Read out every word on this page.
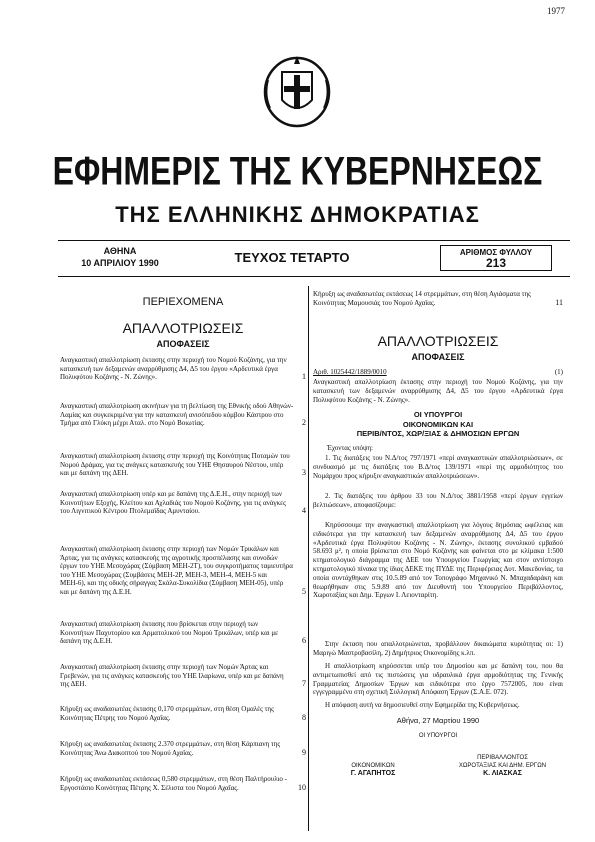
1977
ΕΦΗΜΕΡΙΣ ΤΗΣ ΚΥΒΕΡΝΗΣΕΩΣ
ΤΗΣ ΕΛΛΗΝΙΚΗΣ ΔΗΜΟΚΡΑΤΙΑΣ
ΑΘΗΝΑ
10 ΑΠΡΙΛΙΟΥ 1990	ΤΕΥΧΟΣ ΤΕΤΑΡΤΟ	ΑΡΙΘΜΟΣ ΦΥΛΛΟΥ
213
ΠΕΡΙΕΧΟΜΕΝΑ
ΑΠΑΛΛΟΤΡΙΩΣΕΙΣ
ΑΠΟΦΑΣΕΙΣ
Αναγκαστική απαλλοτρίωση έκτασης στην περιοχή του Νομού Κοζάνης, για την κατασκευή των δεξαμενών αναρρύθμισης Δ4, Δ5 του έργου «Αρδευτικά έργα Πολυφύτου Κοζάνης - Ν. Ζώνης».	1
Αναγκαστική απαλλοτρίωση ακινήτων για τη βελτίωση της Εθνικής οδού Αθηνών-Λαμίας και συγκεκριμένα για την κατασκευή ανισόπεδου κόμβου Κάστρου στο Τμήμα από Γλύκη μέχρι Αταλ. στο Νομό Βοιωτίας.	2
Αναγκαστική απαλλοτρίωση έκτασης στην περιοχή της Κοινότητας Ποταμών του Νομού Δράμας, για τις ανάγκες κατασκευής του ΥΗΕ Θησαυρού Νέστου, υπέρ και με δαπάνη της ΔΕΗ.	3
Αναγκαστική απαλλοτρίωση υπέρ και με δαπάνη της Δ.Ε.Η., στην περιοχή των Κοινοτήτων Εξοχής, Κλείτου και Αχλαδιάς του Νομού Κοζάνης, για τις ανάγκες του Λιγνιτικού Κέντρου Πτολεμαΐδας Αμυνταίου.	4
Αναγκαστική απαλλοτρίωση έκτασης στην περιοχή των Νομών Τρικάλων και Άρτας, για τις ανάγκες κατασκευής της αγροτικής προσπέλασης και συνοδών έργων του ΥΗΕ Μεσοχώρας (Σύμβαση ΜΕΗ-2Τ), του συγκροτήματος ταμιευτήρα του ΥΗΕ Μεσοχώρας (Συμβάσεις ΜΕΗ-2Ρ, ΜΕΗ-3, ΜΕΗ-4, ΜΕΗ-5 και ΜΕΗ-6), και της οδικής σήραγγας Σκάλα-Συκολίδια (Σύμβαση ΜΕΗ-05), υπέρ και με δαπάνη της Δ.Ε.Η.	5
Αναγκαστική απαλλοτρίωση έκτασης που βρίσκεται στην περιοχή των Κοινοτήτων Παχυτορίου και Αρματολικού του Νομού Τρικάλων, υπέρ και με δαπάνη της Δ.Ε.Η.	6
Αναγκαστική απαλλοτρίωση έκτασης στην περιοχή των Νομών Άρτας και Γρεβενών, για τις ανάγκες κατασκευής του ΥΗΕ Ιλαρίωνα, υπέρ και με δαπάνη της ΔΕΗ.	7
Κήρυξη ως αναδασωτέας έκτασης 0,170 στρεμμάτων, στη θέση Ομαλές της Κοινότητας Πέτρης του Νομού Αχαΐας.	8
Κήρυξη ως αναδασωτέας έκτασης 2.370 στρεμμάτων, στη θέση Κάρπιανη της Κοινότητας Άνω Διακοπτού του Νομού Αχαΐας.	9
Κήρυξη ως αναδασωτέας εκτάσεως 0,580 στρεμμάτων, στη θέση Παλτήρουλιο - Εργοστάσιο Κοινότητας Πέτρης Χ. Σέλιστα του Νομού Αχαΐας.	10
Κήρυξη ως αναδασωτέας εκτάσεως 14 στρεμμάτων, στη θέση Αγιάσματα της Κοινότητας Μαμουσιάς του Νομού Αχαΐας.	11
ΑΠΑΛΛΟΤΡΙΩΣΕΙΣ
ΑΠΟΦΑΣΕΙΣ
Αριθ. 1025442/1889/0010	(1)
Αναγκαστική απαλλοτρίωση έκτασης στην περιοχή του Νομού Κοζάνης, για την κατασκευή των δεξαμενών αναρρύθμισης Δ4, Δ5 του έργου «Αρδευτικά έργα Πολυφύτου Κοζάνης - Ν. Ζώνης».
ΟΙ ΥΠΟΥΡΓΟΙ
ΟΙΚΟΝΟΜΙΚΩΝ ΚΑΙ
ΠΕΡΙΒ/ΝΤΟΣ, ΧΩΡ/ΞΙΑΣ & ΔΗΜΟΣΙΩΝ ΕΡΓΩΝ
Έχοντας υπόψη:
1. Τις διατάξεις του Ν.Δ/τος 797/1971 «περί αναγκαστικών απαλλοτριώσεων», σε συνδυασμό με τις διατάξεις του Β.Δ/τος 139/1971 «περί της αρμοδιότητος του Νομάρχου προς κήρυξιν αναγκαστικών απαλλοτριώσεων».
2. Τις διατάξεις του άρθρου 33 του Ν.Δ/τος 3881/1958 «περί έργων εγγείων βελτιώσεων», αποφασίζουμε:
Κηρύσσουμε την αναγκαστική απαλλοτρίωση για λόγους δημόσιας ωφέλειας και ειδικότερα για την κατασκευή των δεξαμενών αναρρύθμισης Δ4, Δ5 του έργου «Αρδευτικά έργα Πολυφύτου Κοζάνης - Ν. Ζώνης», έκτασης συνολικού εμβαδού 58.693 μ², η οποία βρίσκεται στο Νομό Κοζάνης και φαίνεται στο με κλίμακα 1:500 κτηματολογικό διάγραμμα της ΔΕΕ του Υπουργείου Γεωργίας και στον αντίστοιχο κτηματολογικό πίνακα της ίδιας ΔΕΚΕ της ΠΥΔΕ της Περιφέρειας Δυτ. Μακεδονίας, τα οποία συντάχθηκαν στις 10.5.89 από τον Τοπογράφο Μηχανικό Ν. Μπαχαδαράκη και θεωρήθηκαν στις 5.9.89 από τον Διευθυντή του Υπουργείου Περιβάλλοντος, Χωροταξίας και Δημ. Έργων Ι. Λειονταρίτη.
Στην έκταση που απαλλοτριώνεται, προβάλλουν δικαιώματα κυριότητας οι: 1) Μαριγώ Μαστροβασίλη, 2) Δημήτριος Οικονομίδης κ.λπ.
Η απαλλοτρίωση κηρύσσεται υπέρ του Δημοσίου και με δαπάνη του, που θα αντιμετωπισθεί από τις πιστώσεις για υδραυλικά έργα αρμοδιότητας της Γενικής Γραμματείας Δημοσίων Έργων και ειδικότερα στο έργο 7572005, που είναι εγγεγραμμένο στη σχετική Συλλογική Απόφαση Έργων (Σ.Α.Ε. 072).
Η απόφαση αυτή να δημοσιευθεί στην Εφημερίδα της Κυβερνήσεως.
Αθήνα, 27 Μαρτίου 1990
ΟΙ ΥΠΟΥΡΓΟΙ
ΟΙΚΟΝΟΜΙΚΩΝ
Γ. ΑΓΑΠΗΤΟΣ
ΠΕΡΙΒΑΛΛΟΝΤΟΣ
ΧΩΡΟΤΑΞΙΑΣ ΚΑΙ ΔΗΜ. ΕΡΓΩΝ
Κ. ΛΙΑΣΚΑΣ
